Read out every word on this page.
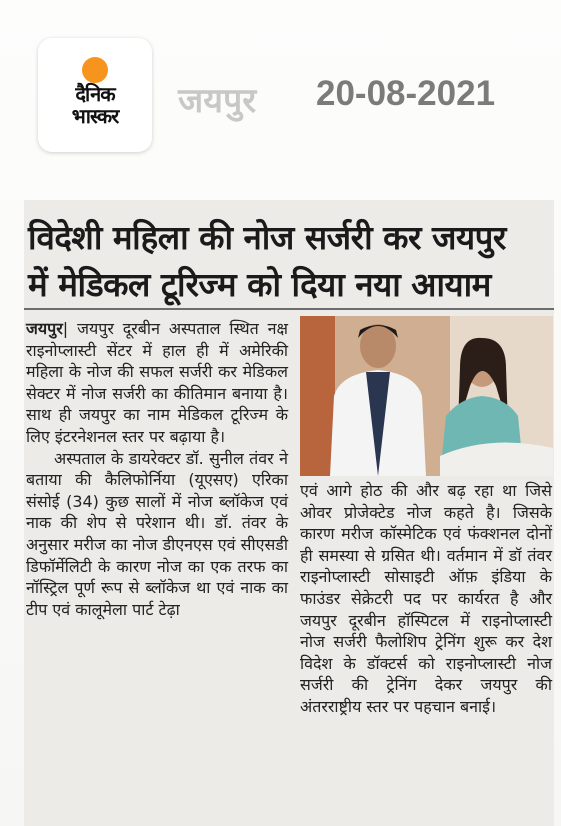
दैनिक
भास्कर जयपुर 20-08-2021
विदेशी महिला की नोज सर्जरी कर जयपुर
में मेडिकल टूरिज्म को दिया नया आयाम

जयपुर| जयपुर दूरबीन अस्पताल स्थित नक्ष राइनोप्लास्टी सेंटर में हाल ही में अमेरिकी महिला के नोज की सफल सर्जरी कर मेडिकल सेक्टर में नोज सर्जरी का कीतिमान बनाया है। साथ ही जयपुर का नाम मेडिकल टूरिज्म के लिए इंटरनेशनल स्तर पर बढ़ाया है।

अस्पताल के डायरेक्टर डॉ. सुनील तंवर ने बताया की कैलिफोर्निया (यूएसए) एरिका संसोई (34) कुछ सालों में नोज ब्लॉकेज एवं नाक की शेप से परेशान थी। डॉ. तंवर के अनुसार मरीज का नोज डीएनएस एवं सीएसडी डिफॉर्मेलिटी के कारण नोज का एक तरफ का नॉस्ट्रिल पूर्ण रूप से ब्लॉकेज था एवं नाक का टीप एवं कालूमेला पार्ट टेढ़ा

एवं आगे होठ की और बढ़ रहा था जिसे ओवर प्रोजेक्टेड नोज कहते है। जिसके कारण मरीज कॉस्मेटिक एवं फंक्शनल दोनों ही समस्या से ग्रसित थी। वर्तमान में डॉ तंवर राइनोप्लास्टी सोसाइटी ऑफ़ इंडिया के फाउंडर सेक्रेटरी पद पर कार्यरत है और जयपुर दूरबीन हॉस्पिटल में राइनोप्लास्टी नोज सर्जरी फैलोशिप ट्रेनिंग शुरू कर देश विदेश के डॉक्टर्स को राइनोप्लास्टी नोज सर्जरी की ट्रेनिंग देकर जयपुर की अंतरराष्ट्रीय स्तर पर पहचान बनाई।
